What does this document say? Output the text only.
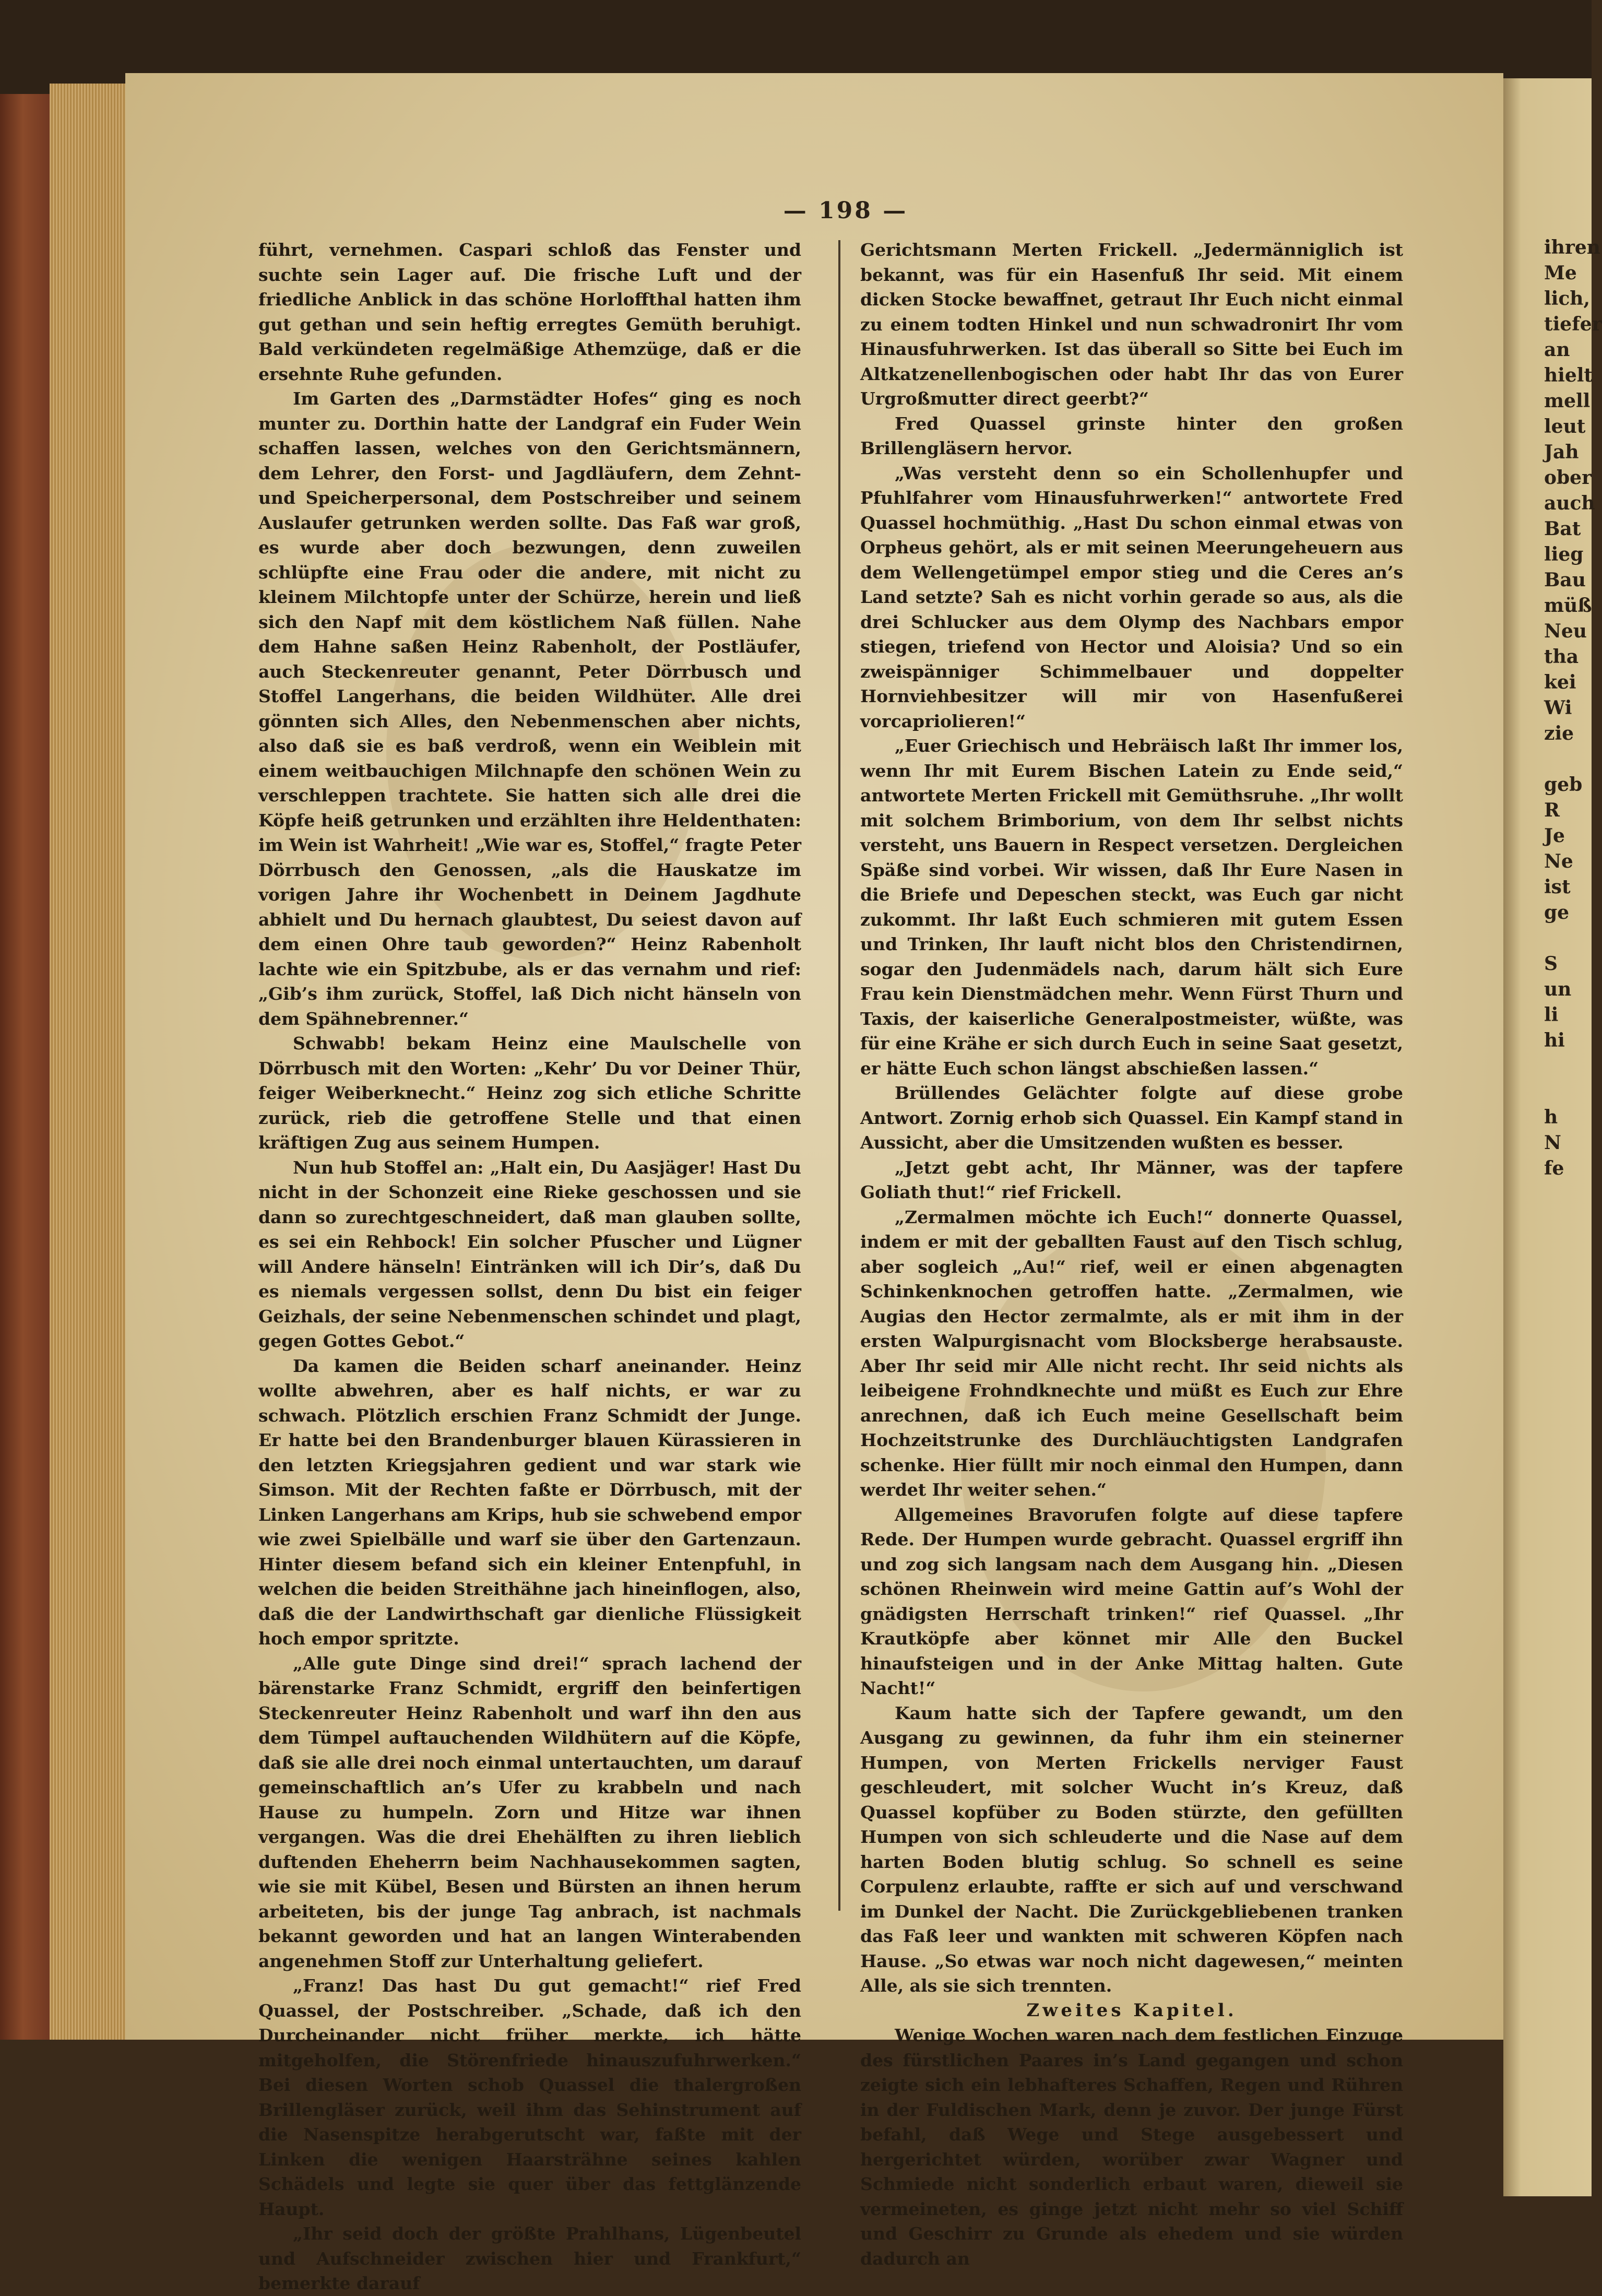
— 198 —

führt, vernehmen. Caspari schloß das Fenster und suchte sein Lager auf. Die frische Luft und der friedliche Anblick in das schöne Horloffthal hatten ihm gut gethan und sein heftig erregtes Gemüth beruhigt. Bald verkündeten regelmäßige Athemzüge, daß er die ersehnte Ruhe gefunden.

Im Garten des „Darmstädter Hofes“ ging es noch munter zu. Dorthin hatte der Landgraf ein Fuder Wein schaffen lassen, welches von den Gerichtsmännern, dem Lehrer, den Forst- und Jagdläufern, dem Zehnt- und Speicherpersonal, dem Postschreiber und seinem Auslaufer getrunken werden sollte. Das Faß war groß, es wurde aber doch bezwungen, denn zuweilen schlüpfte eine Frau oder die andere, mit nicht zu kleinem Milchtopfe unter der Schürze, herein und ließ sich den Napf mit dem köstlichem Naß füllen. Nahe dem Hahne saßen Heinz Rabenholt, der Postläufer, auch Steckenreuter genannt, Peter Dörrbusch und Stoffel Langerhans, die beiden Wildhüter. Alle drei gönnten sich Alles, den Nebenmenschen aber nichts, also daß sie es baß verdroß, wenn ein Weiblein mit einem weitbauchigen Milchnapfe den schönen Wein zu verschleppen trachtete. Sie hatten sich alle drei die Köpfe heiß getrunken und erzählten ihre Heldenthaten: im Wein ist Wahrheit! „Wie war es, Stoffel,“ fragte Peter Dörrbusch den Genossen, „als die Hauskatze im vorigen Jahre ihr Wochenbett in Deinem Jagdhute abhielt und Du hernach glaubtest, Du seiest davon auf dem einen Ohre taub geworden?“ Heinz Rabenholt lachte wie ein Spitzbube, als er das vernahm und rief: „Gib’s ihm zurück, Stoffel, laß Dich nicht hänseln von dem Spähnebrenner.“

Schwabb! bekam Heinz eine Maulschelle von Dörrbusch mit den Worten: „Kehr’ Du vor Deiner Thür, feiger Weiberknecht.“ Heinz zog sich etliche Schritte zurück, rieb die getroffene Stelle und that einen kräftigen Zug aus seinem Humpen.

Nun hub Stoffel an: „Halt ein, Du Aasjäger! Hast Du nicht in der Schonzeit eine Rieke geschossen und sie dann so zurechtgeschneidert, daß man glauben sollte, es sei ein Rehbock! Ein solcher Pfuscher und Lügner will Andere hänseln! Eintränken will ich Dir’s, daß Du es niemals vergessen sollst, denn Du bist ein feiger Geizhals, der seine Nebenmenschen schindet und plagt, gegen Gottes Gebot.“

Da kamen die Beiden scharf aneinander. Heinz wollte abwehren, aber es half nichts, er war zu schwach. Plötzlich erschien Franz Schmidt der Junge. Er hatte bei den Brandenburger blauen Kürassieren in den letzten Kriegsjahren gedient und war stark wie Simson. Mit der Rechten faßte er Dörrbusch, mit der Linken Langerhans am Krips, hub sie schwebend empor wie zwei Spielbälle und warf sie über den Gartenzaun. Hinter diesem befand sich ein kleiner Entenpfuhl, in welchen die beiden Streithähne jach hineinflogen, also, daß die der Landwirthschaft gar dienliche Flüssigkeit hoch empor spritzte.

„Alle gute Dinge sind drei!“ sprach lachend der bärenstarke Franz Schmidt, ergriff den beinfertigen Steckenreuter Heinz Rabenholt und warf ihn den aus dem Tümpel auftauchenden Wildhütern auf die Köpfe, daß sie alle drei noch einmal untertauchten, um darauf gemeinschaftlich an’s Ufer zu krabbeln und nach Hause zu humpeln. Zorn und Hitze war ihnen vergangen. Was die drei Ehehälften zu ihren lieblich duftenden Eheherrn beim Nachhausekommen sagten, wie sie mit Kübel, Besen und Bürsten an ihnen herum arbeiteten, bis der junge Tag anbrach, ist nachmals bekannt geworden und hat an langen Winterabenden angenehmen Stoff zur Unterhaltung geliefert.

„Franz! Das hast Du gut gemacht!“ rief Fred Quassel, der Postschreiber. „Schade, daß ich den Durcheinander nicht früher merkte, ich hätte mitgeholfen, die Störenfriede hinauszufuhrwerken.“ Bei diesen Worten schob Quassel die thalergroßen Brillengläser zurück, weil ihm das Sehinstrument auf die Nasenspitze herabgerutscht war, faßte mit der Linken die wenigen Haarsträhne seines kahlen Schädels und legte sie quer über das fettglänzende Haupt.

„Ihr seid doch der größte Prahlhans, Lügenbeutel und Aufschneider zwischen hier und Frankfurt,“ bemerkte darauf

Gerichtsmann Merten Frickell. „Jedermänniglich ist bekannt, was für ein Hasenfuß Ihr seid. Mit einem dicken Stocke bewaffnet, getraut Ihr Euch nicht einmal zu einem todten Hinkel und nun schwadronirt Ihr vom Hinausfuhrwerken. Ist das überall so Sitte bei Euch im Altkatzenellenbogischen oder habt Ihr das von Eurer Urgroßmutter direct geerbt?“

Fred Quassel grinste hinter den großen Brillengläsern hervor.

„Was versteht denn so ein Schollenhupfer und Pfuhlfahrer vom Hinausfuhrwerken!“ antwortete Fred Quassel hochmüthig. „Hast Du schon einmal etwas von Orpheus gehört, als er mit seinen Meerungeheuern aus dem Wellengetümpel empor stieg und die Ceres an’s Land setzte? Sah es nicht vorhin gerade so aus, als die drei Schlucker aus dem Olymp des Nachbars empor stiegen, triefend von Hector und Aloisia? Und so ein zweispänniger Schimmelbauer und doppelter Hornviehbesitzer will mir von Hasenfußerei vorcapriolieren!“

„Euer Griechisch und Hebräisch laßt Ihr immer los, wenn Ihr mit Eurem Bischen Latein zu Ende seid,“ antwortete Merten Frickell mit Gemüthsruhe. „Ihr wollt mit solchem Brimborium, von dem Ihr selbst nichts versteht, uns Bauern in Respect versetzen. Dergleichen Späße sind vorbei. Wir wissen, daß Ihr Eure Nasen in die Briefe und Depeschen steckt, was Euch gar nicht zukommt. Ihr laßt Euch schmieren mit gutem Essen und Trinken, Ihr lauft nicht blos den Christendirnen, sogar den Judenmädels nach, darum hält sich Eure Frau kein Dienstmädchen mehr. Wenn Fürst Thurn und Taxis, der kaiserliche Generalpostmeister, wüßte, was für eine Krähe er sich durch Euch in seine Saat gesetzt, er hätte Euch schon längst abschießen lassen.“

Brüllendes Gelächter folgte auf diese grobe Antwort. Zornig erhob sich Quassel. Ein Kampf stand in Aussicht, aber die Umsitzenden wußten es besser.

„Jetzt gebt acht, Ihr Männer, was der tapfere Goliath thut!“ rief Frickell.

„Zermalmen möchte ich Euch!“ donnerte Quassel, indem er mit der geballten Faust auf den Tisch schlug, aber sogleich „Au!“ rief, weil er einen abgenagten Schinkenknochen getroffen hatte. „Zermalmen, wie Augias den Hector zermalmte, als er mit ihm in der ersten Walpurgisnacht vom Blocksberge herabsauste. Aber Ihr seid mir Alle nicht recht. Ihr seid nichts als leibeigene Frohndknechte und müßt es Euch zur Ehre anrechnen, daß ich Euch meine Gesellschaft beim Hochzeitstrunke des Durchläuchtigsten Landgrafen schenke. Hier füllt mir noch einmal den Humpen, dann werdet Ihr weiter sehen.“

Allgemeines Bravorufen folgte auf diese tapfere Rede. Der Humpen wurde gebracht. Quassel ergriff ihn und zog sich langsam nach dem Ausgang hin. „Diesen schönen Rheinwein wird meine Gattin auf’s Wohl der gnädigsten Herrschaft trinken!“ rief Quassel. „Ihr Krautköpfe aber könnet mir Alle den Buckel hinaufsteigen und in der Anke Mittag halten. Gute Nacht!“

Kaum hatte sich der Tapfere gewandt, um den Ausgang zu gewinnen, da fuhr ihm ein steinerner Humpen, von Merten Frickells nerviger Faust geschleudert, mit solcher Wucht in’s Kreuz, daß Quassel kopfüber zu Boden stürzte, den gefüllten Humpen von sich schleuderte und die Nase auf dem harten Boden blutig schlug. So schnell es seine Corpulenz erlaubte, raffte er sich auf und verschwand im Dunkel der Nacht. Die Zurückgebliebenen tranken das Faß leer und wankten mit schweren Köpfen nach Hause. „So etwas war noch nicht dagewesen,“ meinten Alle, als sie sich trennten.

Zweites Kapitel.

Wenige Wochen waren nach dem festlichen Einzuge des fürstlichen Paares in’s Land gegangen und schon zeigte sich ein lebhafteres Schaffen, Regen und Rühren in der Fuldischen Mark, denn je zuvor. Der junge Fürst befahl, daß Wege und Stege ausgebessert und hergerichtet würden, worüber zwar Wagner und Schmiede nicht sonderlich erbaut waren, dieweil sie vermeineten, es ginge jetzt nicht mehr so viel Schiff und Geschirr zu Grunde als ehedem und sie würden dadurch an

ihren
Me
lich,
tiefer
an
hielt
mell
leut
Jah
ober
auch
Bat
lieg
Bau
müß
Neu
tha
kei
Wi
zie

geb
R
Je
Ne
ist
ge

S
un
li
hi

h
N
fe
